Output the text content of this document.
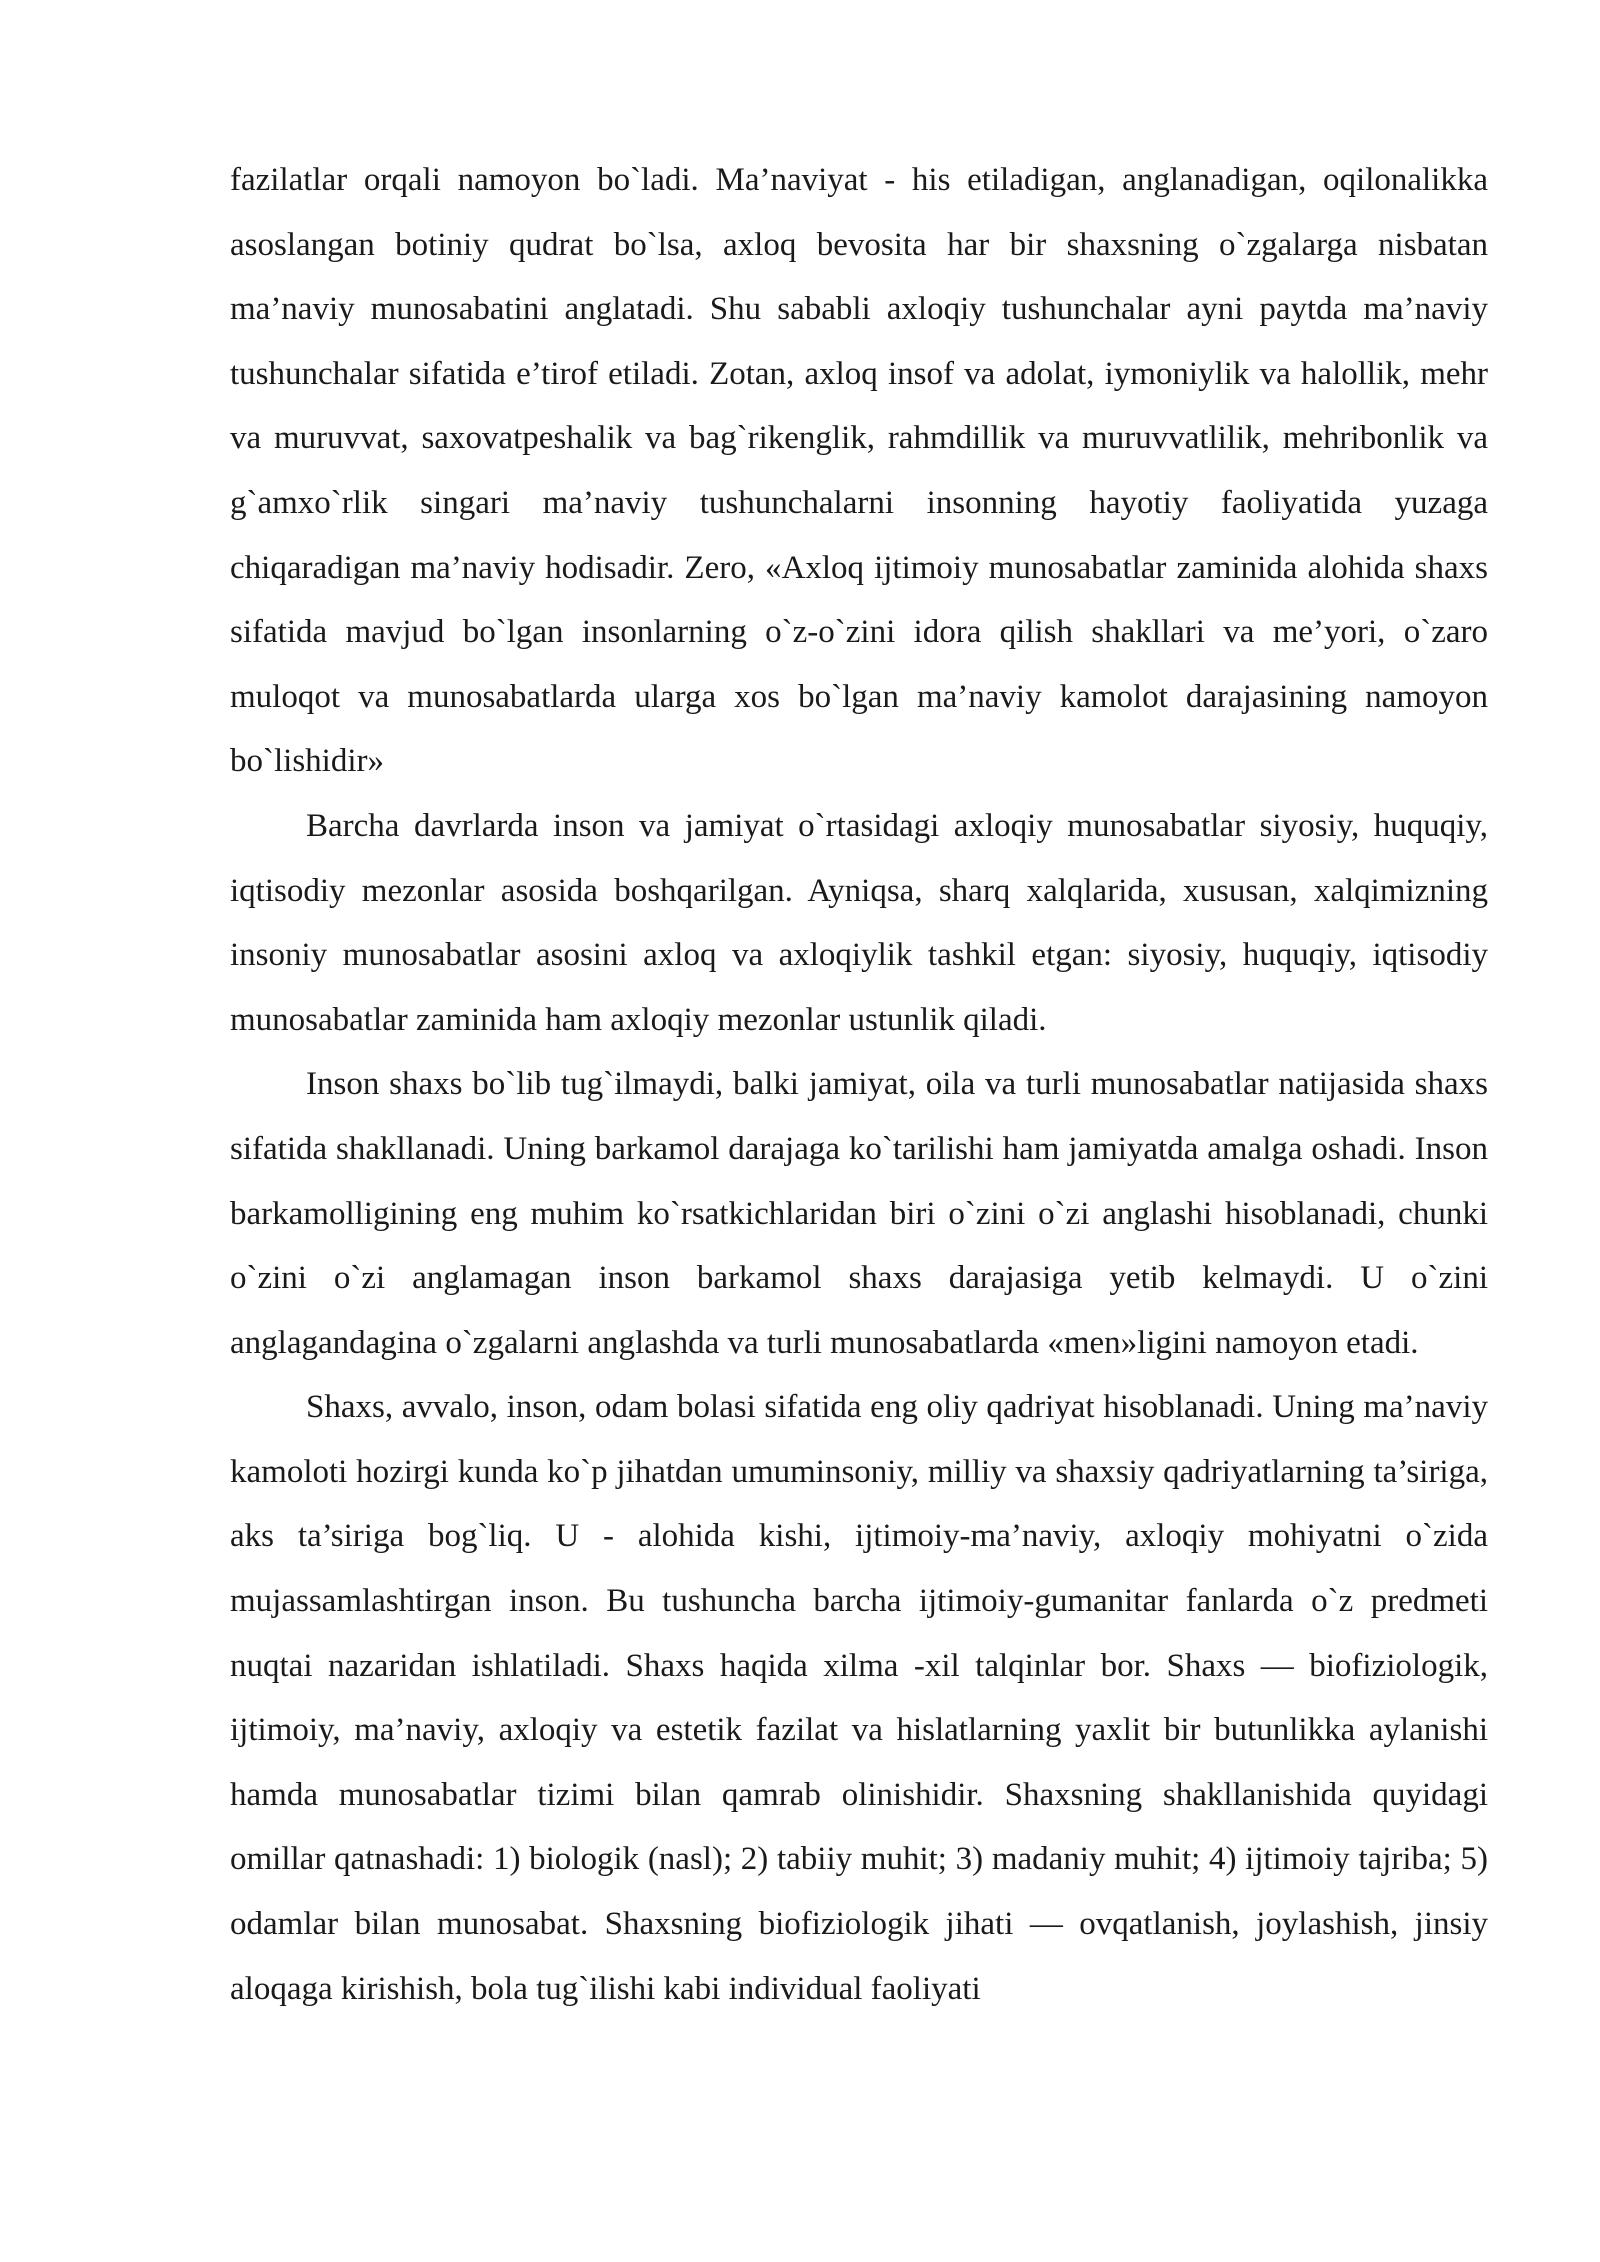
fazilatlar orqali namoyon bo`ladi. Ma’naviyat - his etiladigan, anglanadigan, oqilonalikka asoslangan botiniy qudrat bo`lsa, axloq bevosita har bir shaxsning o`zgalarga nisbatan ma’naviy munosabatini anglatadi. Shu sababli axloqiy tushunchalar ayni paytda ma’naviy tushunchalar sifatida e’tirof etiladi. Zotan, axloq insof va adolat, iymoniylik va halollik, mehr va muruvvat, saxovatpeshalik va bag`rikenglik, rahmdillik va muruvvatlilik, mehribonlik va g`amxo`rlik singari ma’naviy tushunchalarni insonning hayotiy faoliyatida yuzaga chiqaradigan ma’naviy hodisadir. Zero, «Axloq ijtimoiy munosabatlar zaminida alohida shaxs sifatida mavjud bo`lgan insonlarning o`z-o`zini idora qilish shakllari va me’yori, o`zaro muloqot va munosabatlarda ularga xos bo`lgan ma’naviy kamolot darajasining namoyon bo`lishidir»

Barcha davrlarda inson va jamiyat o`rtasidagi axloqiy munosabatlar siyosiy, huquqiy, iqtisodiy mezonlar asosida boshqarilgan. Ayniqsa, sharq xalqlarida, xususan, xalqimizning insoniy munosabatlar asosini axloq va axloqiylik tashkil etgan: siyosiy, huquqiy, iqtisodiy munosabatlar zaminida ham axloqiy mezonlar ustunlik qiladi.

Inson shaxs bo`lib tug`ilmaydi, balki jamiyat, oila va turli munosabatlar natijasida shaxs sifatida shakllanadi. Uning barkamol darajaga ko`tarilishi ham jamiyatda amalga oshadi. Inson barkamolligining eng muhim ko`rsatkichlaridan biri o`zini o`zi anglashi hisoblanadi, chunki o`zini o`zi anglamagan inson barkamol shaxs darajasiga yetib kelmaydi. U o`zini anglagandagina o`zgalarni anglashda va turli munosabatlarda «men»ligini namoyon etadi.

Shaxs, avvalo, inson, odam bolasi sifatida eng oliy qadriyat hisoblanadi. Uning ma’naviy kamoloti hozirgi kunda ko`p jihatdan umuminsoniy, milliy va shaxsiy qadriyatlarning ta’siriga, aks ta’siriga bog`liq. U - alohida kishi, ijtimoiy-ma’naviy, axloqiy mohiyatni o`zida mujassamlashtirgan inson. Bu tushuncha barcha ijtimoiy-gumanitar fanlarda o`z predmeti nuqtai nazaridan ishlatiladi. Shaxs haqida xilma -xil talqinlar bor. Shaxs — biofiziologik, ijtimoiy, ma’naviy, axloqiy va estetik fazilat va hislatlarning yaxlit bir butunlikka aylanishi hamda munosabatlar tizimi bilan qamrab olinishidir. Shaxsning shakllanishida quyidagi omillar qatnashadi: 1) biologik (nasl); 2) tabiiy muhit; 3) madaniy muhit; 4) ijtimoiy tajriba; 5) odamlar bilan munosabat. Shaxsning biofiziologik jihati — ovqatlanish, joylashish, jinsiy aloqaga kirishish, bola tug`ilishi kabi individual faoliyati
